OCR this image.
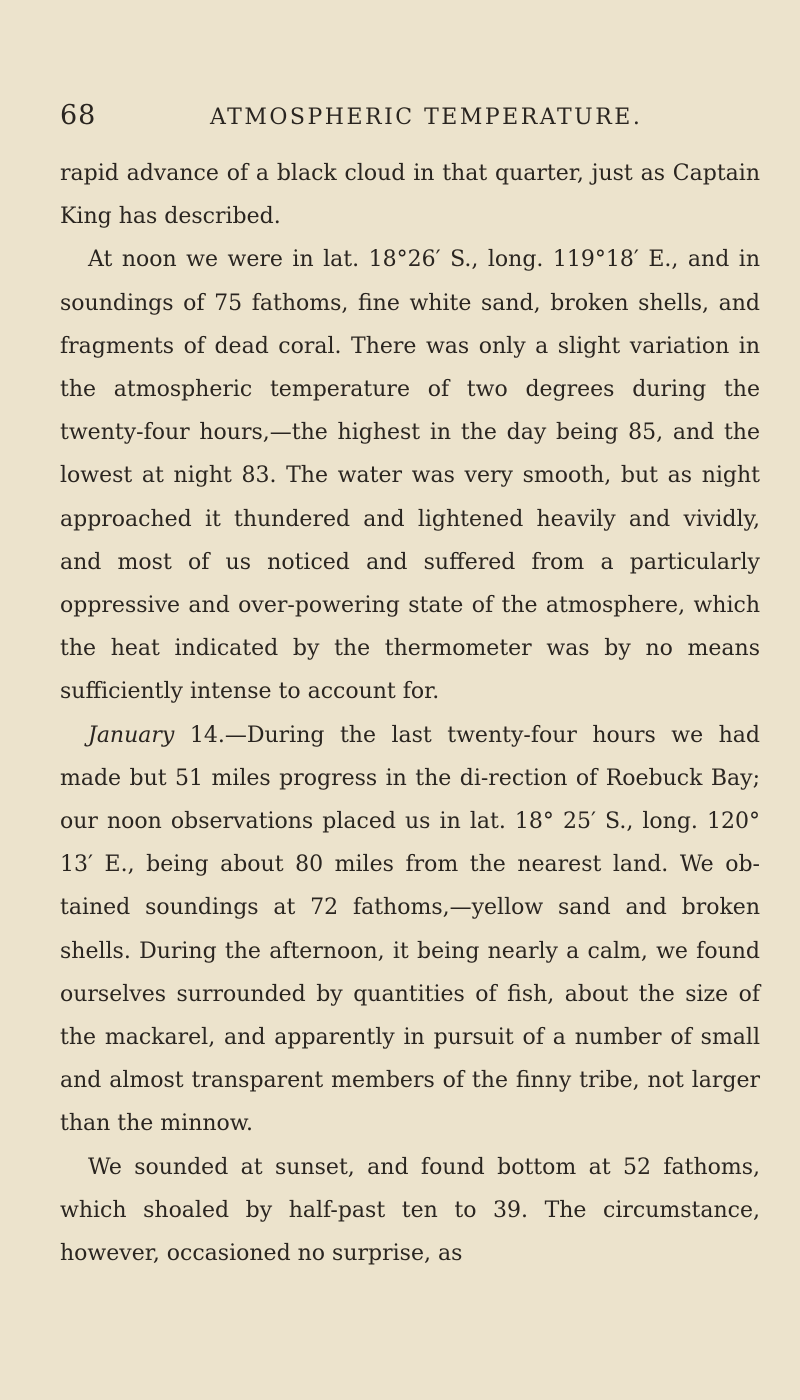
68	ATMOSPHERIC TEMPERATURE.

rapid advance of a black cloud in that quarter, just as Captain King has described.

At noon we were in lat. 18°26′ S., long. 119°18′ E., and in soundings of 75 fathoms, fine white sand, broken shells, and fragments of dead coral. There was only a slight variation in the atmospheric temperature of two degrees during the twenty-four hours,—the highest in the day being 85, and the lowest at night 83. The water was very smooth, but as night approached it thundered and lightened heavily and vividly, and most of us noticed and suffered from a particularly oppressive and over-powering state of the atmosphere, which the heat indicated by the thermometer was by no means sufficiently intense to account for.

January 14.—During the last twenty-four hours we had made but 51 miles progress in the di-rection of Roebuck Bay; our noon observations placed us in lat. 18° 25′ S., long. 120° 13′ E., being about 80 miles from the nearest land. We ob-tained soundings at 72 fathoms,—yellow sand and broken shells. During the afternoon, it being nearly a calm, we found ourselves surrounded by quantities of fish, about the size of the mackarel, and apparently in pursuit of a number of small and almost transparent members of the finny tribe, not larger than the minnow.

We sounded at sunset, and found bottom at 52 fathoms, which shoaled by half-past ten to 39. The circumstance, however, occasioned no surprise, as
